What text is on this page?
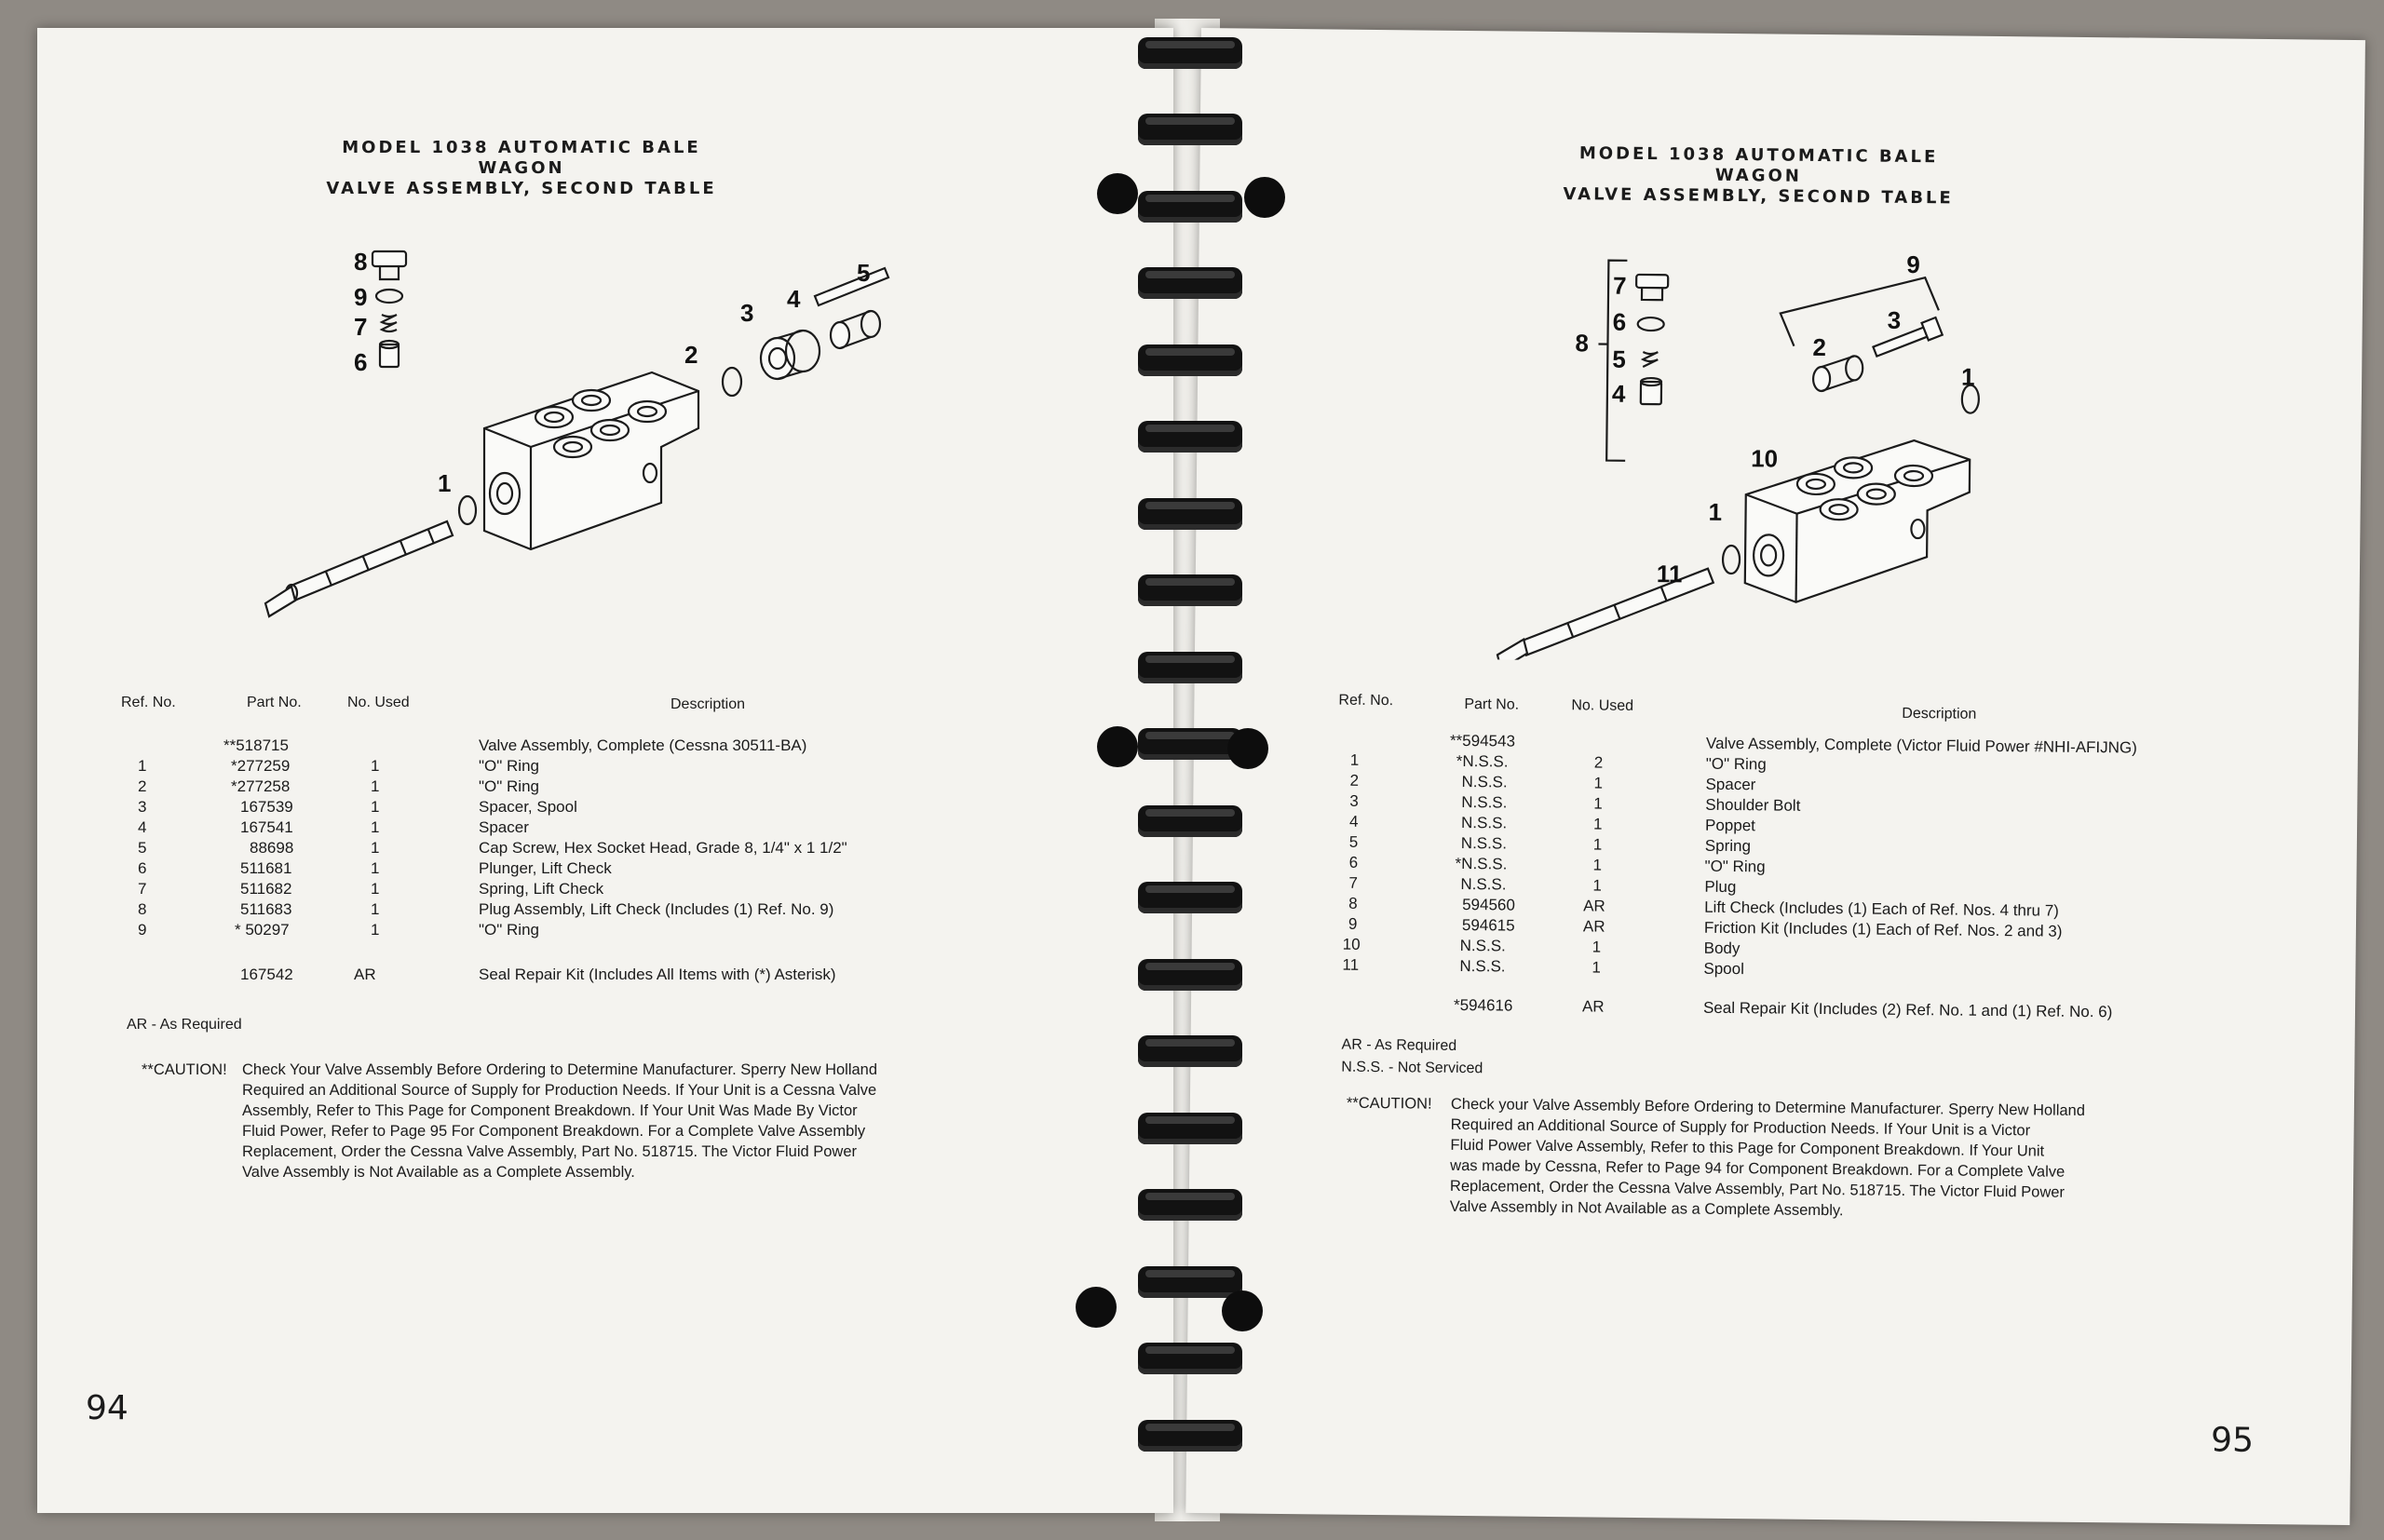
MODEL 1038 AUTOMATIC BALE WAGON
VALVE ASSEMBLY, SECOND TABLE
8
9
7
6
5
4
3
2
1
Ref. No.	Part No.	No. Used	Description
**518715	Valve Assembly, Complete (Cessna 30511-BA)
1	*277259	1	"O" Ring
2	*277258	1	"O" Ring
3	167539	1	Spacer, Spool
4	167541	1	Spacer
5	88698	1	Cap Screw, Hex Socket Head, Grade 8, 1/4" x 1 1/2"
6	511681	1	Plunger, Lift Check
7	511682	1	Spring, Lift Check
8	511683	1	Plug Assembly, Lift Check (Includes (1) Ref. No. 9)
9	* 50297	1	"O" Ring
167542	AR	Seal Repair Kit (Includes All Items with (*) Asterisk)
AR - As Required
**CAUTION! Check Your Valve Assembly Before Ordering to Determine Manufacturer. Sperry New Holland
Required an Additional Source of Supply for Production Needs. If Your Unit is a Cessna Valve
Assembly, Refer to This Page for Component Breakdown. If Your Unit Was Made By Victor
Fluid Power, Refer to Page 95 For Component Breakdown. For a Complete Valve Assembly
Replacement, Order the Cessna Valve Assembly, Part No. 518715. The Victor Fluid Power
Valve Assembly is Not Available as a Complete Assembly.
94
MODEL 1038 AUTOMATIC BALE WAGON
VALVE ASSEMBLY, SECOND TABLE
7
6
8
5
4
9
3
2
1
10
1
11
Ref. No.	Part No.	No. Used	Description
**594543	Valve Assembly, Complete (Victor Fluid Power #NHI-AFIJNG)
1	*N.S.S.	2	"O" Ring
2	N.S.S.	1	Spacer
3	N.S.S.	1	Shoulder Bolt
4	N.S.S.	1	Poppet
5	N.S.S.	1	Spring
6	*N.S.S.	1	"O" Ring
7	N.S.S.	1	Plug
8	594560	AR	Lift Check (Includes (1) Each of Ref. Nos. 4 thru 7)
9	594615	AR	Friction Kit (Includes (1) Each of Ref. Nos. 2 and 3)
10	N.S.S.	1	Body
11	N.S.S.	1	Spool
*594616	AR	Seal Repair Kit (Includes (2) Ref. No. 1 and (1) Ref. No. 6)
AR - As Required
N.S.S. - Not Serviced
**CAUTION! Check your Valve Assembly Before Ordering to Determine Manufacturer. Sperry New Holland
Required an Additional Source of Supply for Production Needs. If Your Unit is a Victor
Fluid Power Valve Assembly, Refer to this Page for Component Breakdown. If Your Unit
was made by Cessna, Refer to Page 94 for Component Breakdown. For a Complete Valve
Replacement, Order the Cessna Valve Assembly, Part No. 518715. The Victor Fluid Power
Valve Assembly in Not Available as a Complete Assembly.
95
